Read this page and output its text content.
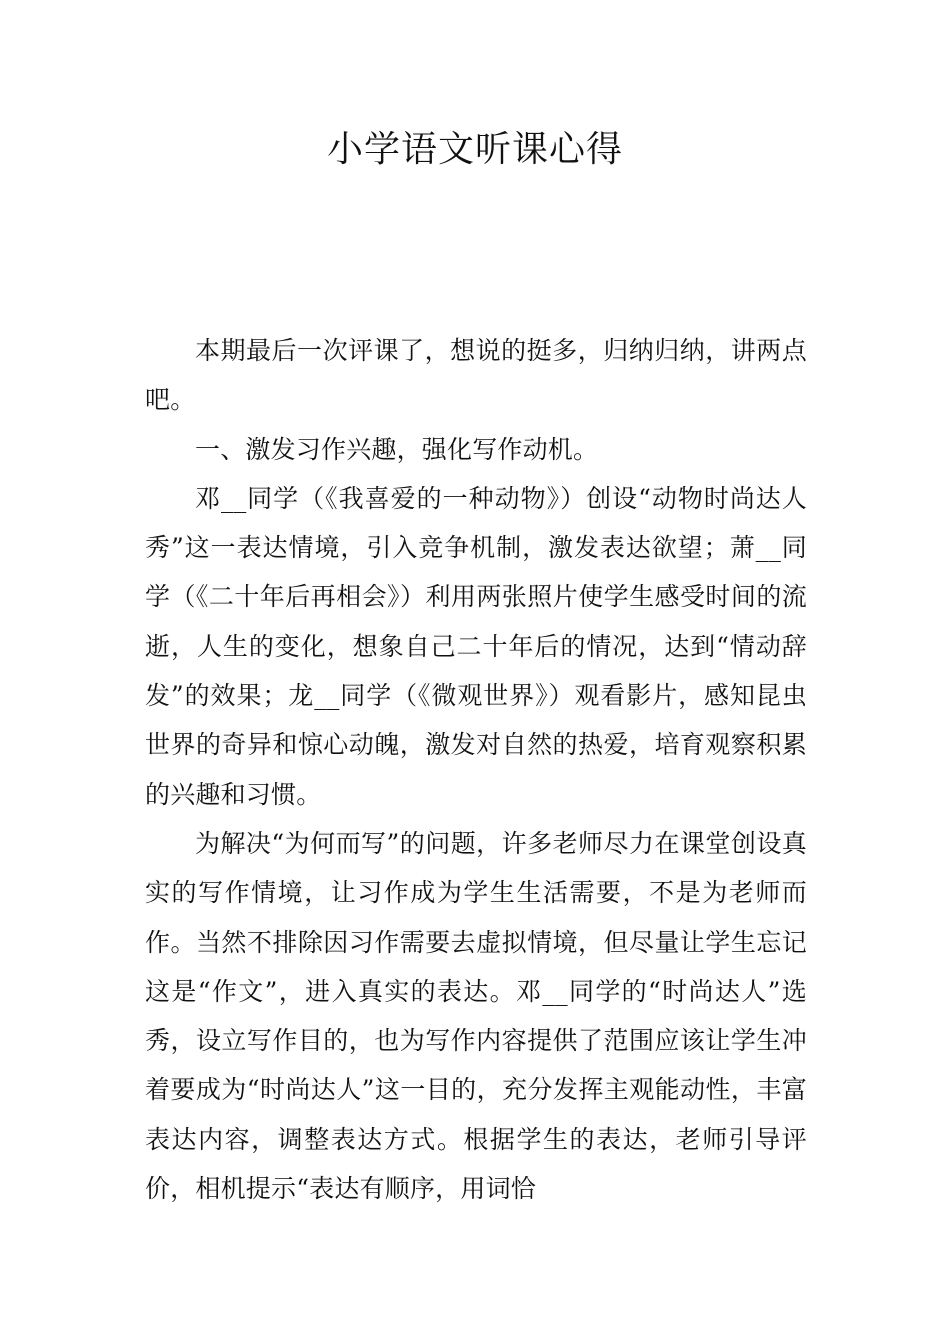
小学语文听课心得

本期最后一次评课了，想说的挺多，归纳归纳，讲两点吧。

一、激发习作兴趣，强化写作动机。

邓__同学（《我喜爱的一种动物》）创设“动物时尚达人秀”这一表达情境，引入竞争机制，激发表达欲望；萧__同学（《二十年后再相会》）利用两张照片使学生感受时间的流逝，人生的变化，想象自己二十年后的情况，达到“情动辞发”的效果；龙__同学（《微观世界》）观看影片，感知昆虫世界的奇异和惊心动魄，激发对自然的热爱，培育观察积累的兴趣和习惯。

为解决“为何而写”的问题，许多老师尽力在课堂创设真实的写作情境，让习作成为学生生活需要，不是为老师而作。当然不排除因习作需要去虚拟情境，但尽量让学生忘记这是“作文”，进入真实的表达。邓__同学的“时尚达人”选秀，设立写作目的，也为写作内容提供了范围应该让学生冲着要成为“时尚达人”这一目的，充分发挥主观能动性，丰富表达内容，调整表达方式。根据学生的表达，老师引导评价，相机提示“表达有顺序，用词恰
